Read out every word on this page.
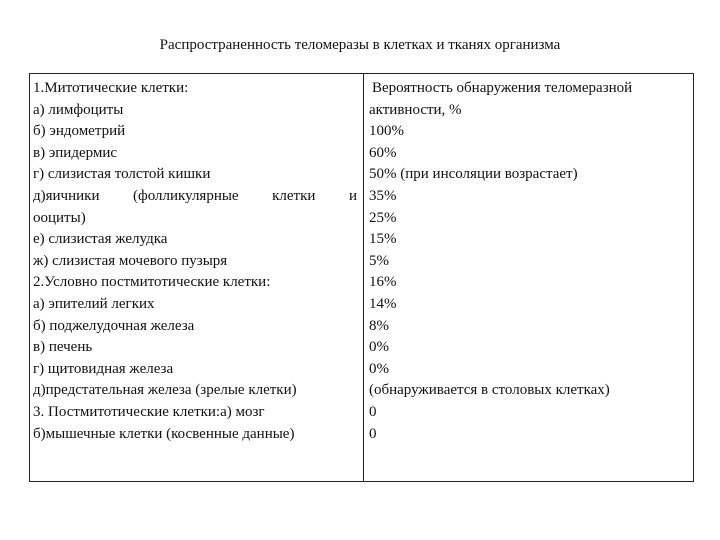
Распространенность теломеразы в клетках и тканях организма
1.Митотические клетки:
а) лимфоциты
б) эндометрий
в) эпидермис
г) слизистая толстой кишки
д)яичники (фолликулярные клетки и
ооциты)
е) слизистая желудка
ж) слизистая мочевого пузыря
2.Условно постмитотические клетки:
а) эпителий легких
б) поджелудочная железа
в) печень
г) щитовидная железа
д)предстательная железа (зрелые клетки)
3. Постмитотические клетки:а) мозг
б)мышечные клетки (косвенные данные)
Вероятность обнаружения теломеразной
активности, %
100%
60%
50% (при инсоляции возрастает)
35%
25%
15%
5%
16%
14%
8%
0%
0%
(обнаруживается в столовых клетках)
0
0
